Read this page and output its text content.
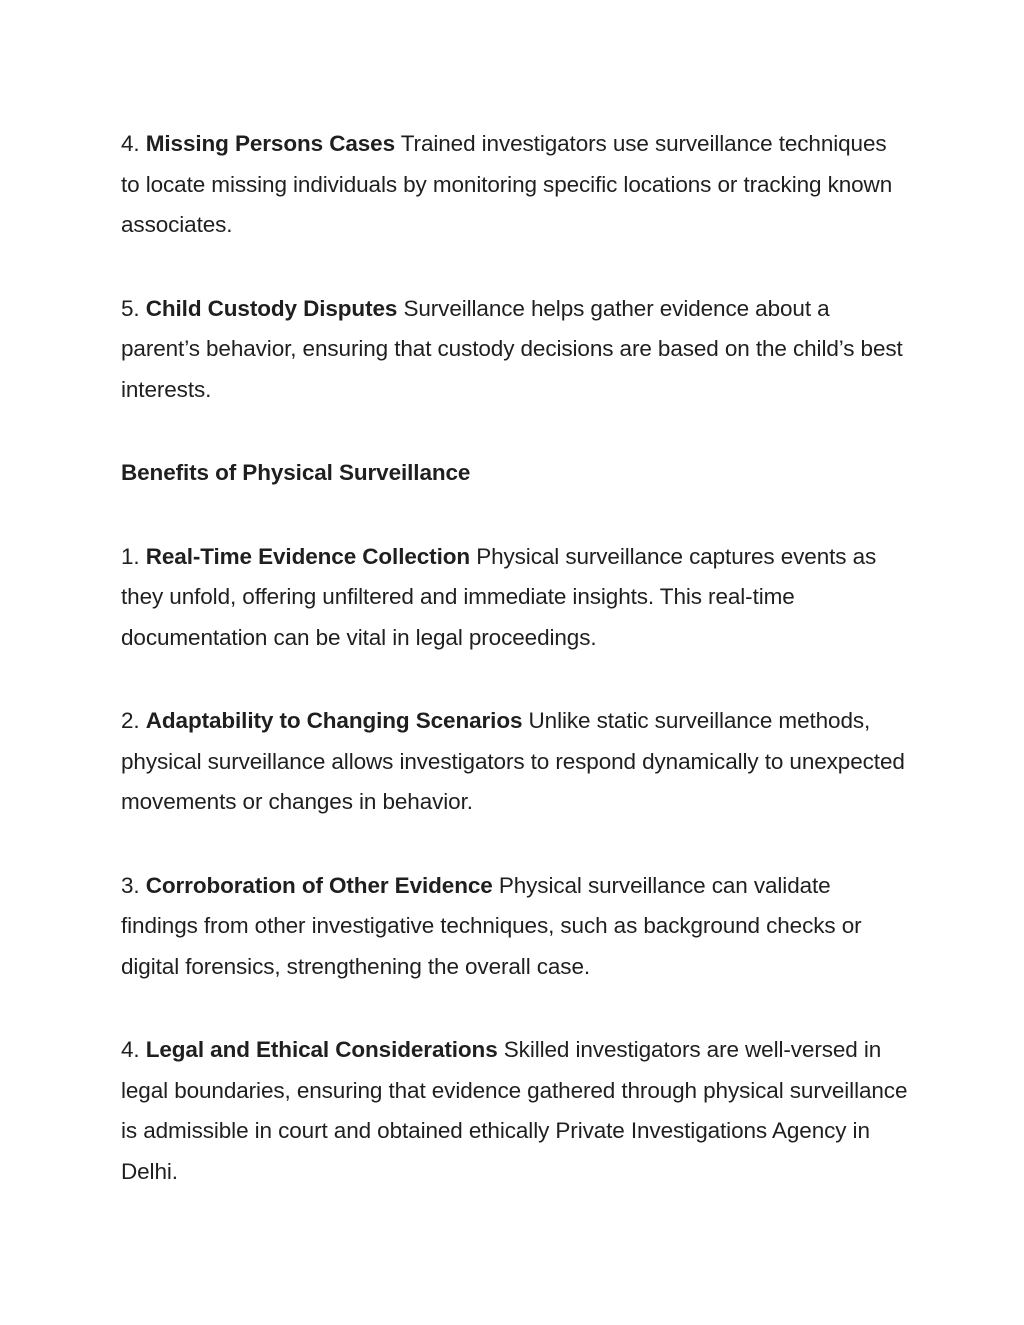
4. Missing Persons Cases Trained investigators use surveillance techniques to locate missing individuals by monitoring specific locations or tracking known associates.

5. Child Custody Disputes Surveillance helps gather evidence about a parent’s behavior, ensuring that custody decisions are based on the child’s best interests.

Benefits of Physical Surveillance

1. Real-Time Evidence Collection Physical surveillance captures events as they unfold, offering unfiltered and immediate insights. This real-time documentation can be vital in legal proceedings.

2. Adaptability to Changing Scenarios Unlike static surveillance methods, physical surveillance allows investigators to respond dynamically to unexpected movements or changes in behavior.

3. Corroboration of Other Evidence Physical surveillance can validate findings from other investigative techniques, such as background checks or digital forensics, strengthening the overall case.

4. Legal and Ethical Considerations Skilled investigators are well-versed in legal boundaries, ensuring that evidence gathered through physical surveillance is admissible in court and obtained ethically Private Investigations Agency in Delhi.
